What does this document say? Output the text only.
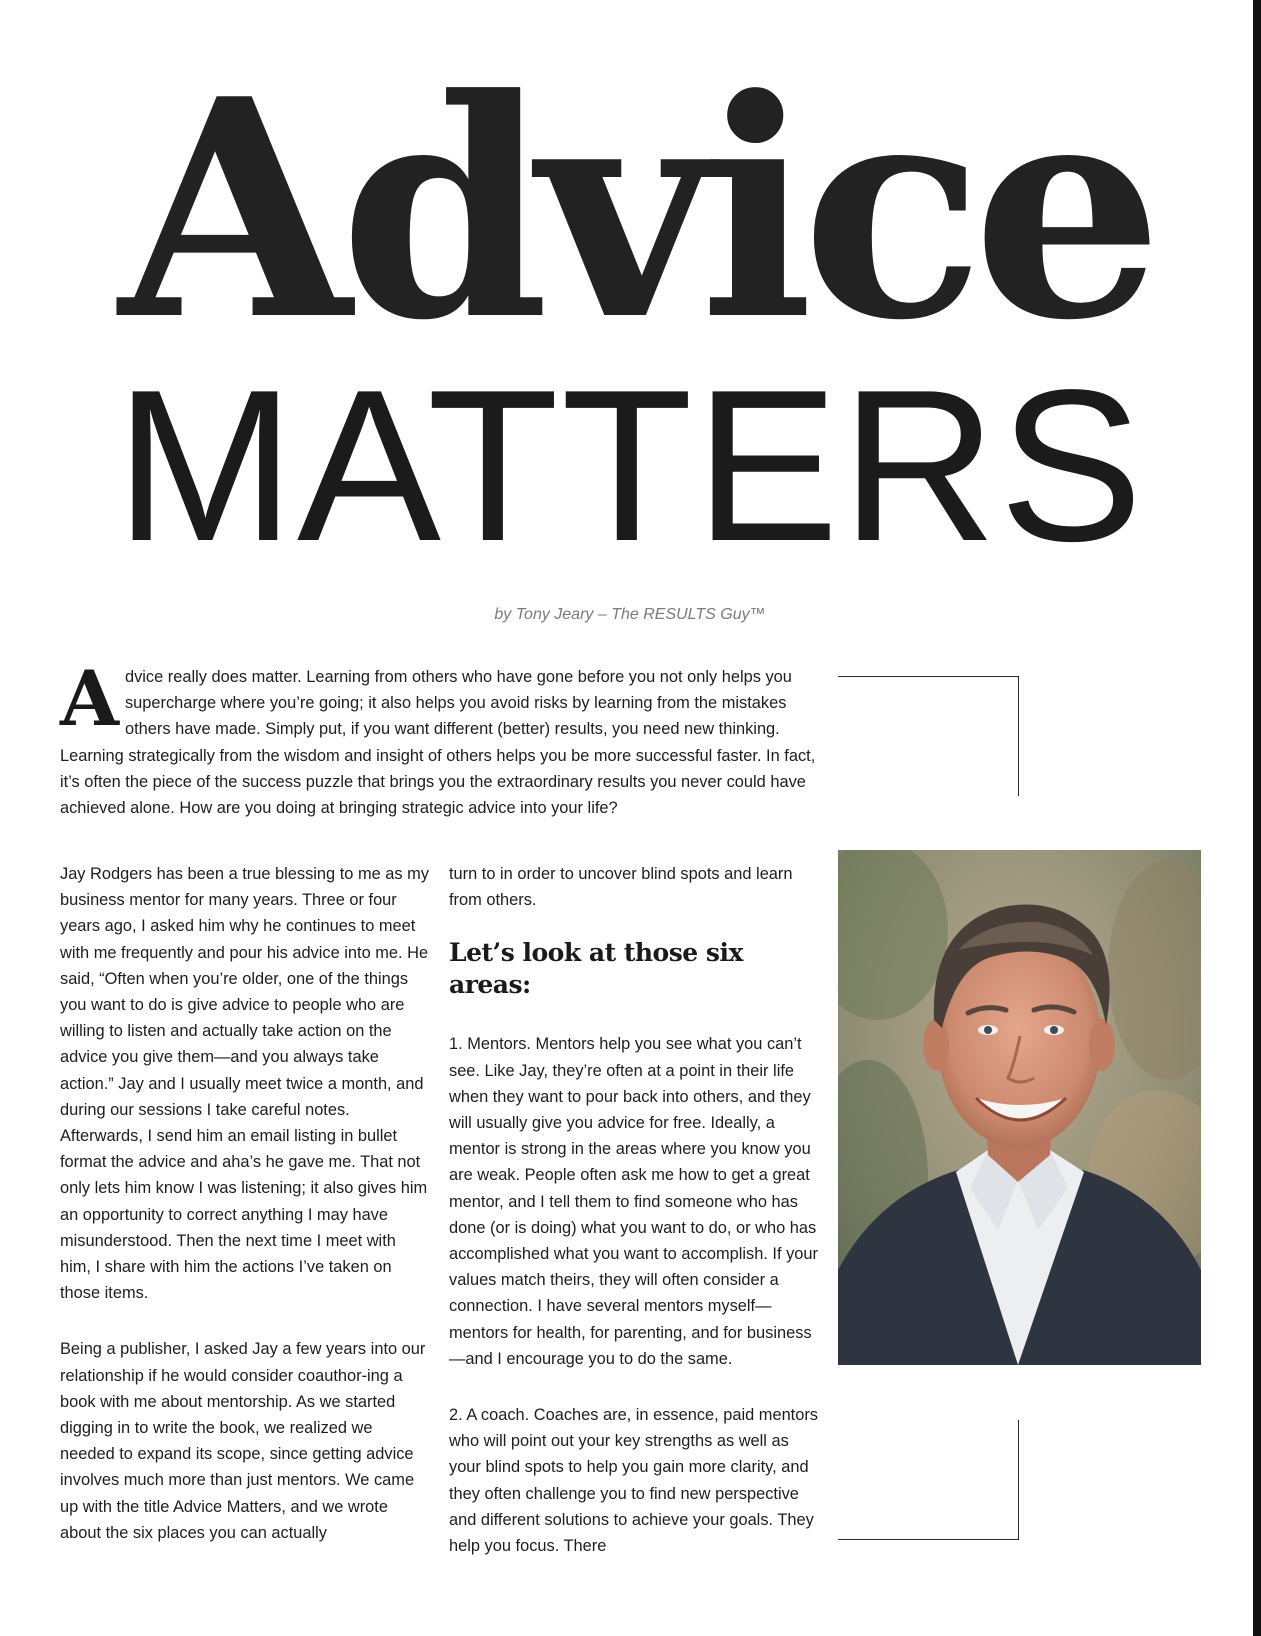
Advice
MATTERS
by Tony Jeary – The RESULTS Guy™
Advice really does matter. Learning from others who have gone before you not only helps you supercharge where you’re going; it also helps you avoid risks by learning from the mistakes others have made. Simply put, if you want different (better) results, you need new thinking. Learning strategically from the wisdom and insight of others helps you be more successful faster. In fact, it’s often the piece of the success puzzle that brings you the extraordinary results you never could have achieved alone. How are you doing at bringing strategic advice into your life?

Jay Rodgers has been a true blessing to me as my business mentor for many years. Three or four years ago, I asked him why he continues to meet with me frequently and pour his advice into me. He said, “Often when you’re older, one of the things you want to do is give advice to people who are willing to listen and actually take action on the advice you give them—and you always take action.” Jay and I usually meet twice a month, and during our sessions I take careful notes. Afterwards, I send him an email listing in bullet format the advice and aha’s he gave me. That not only lets him know I was listening; it also gives him an opportunity to correct anything I may have misunderstood. Then the next time I meet with him, I share with him the actions I’ve taken on those items.

Being a publisher, I asked Jay a few years into our relationship if he would consider coauthor-ing a book with me about mentorship. As we started digging in to write the book, we realized we needed to expand its scope, since getting advice involves much more than just mentors. We came up with the title Advice Matters, and we wrote about the six places you can actually

turn to in order to uncover blind spots and learn from others.

Let’s look at those six areas:

1. Mentors. Mentors help you see what you can’t see. Like Jay, they’re often at a point in their life when they want to pour back into others, and they will usually give you advice for free. Ideally, a mentor is strong in the areas where you know you are weak. People often ask me how to get a great mentor, and I tell them to find someone who has done (or is doing) what you want to do, or who has accomplished what you want to accomplish. If your values match theirs, they will often consider a connection. I have several mentors myself—mentors for health, for parenting, and for business—and I encourage you to do the same.

2. A coach. Coaches are, in essence, paid mentors who will point out your key strengths as well as your blind spots to help you gain more clarity, and they often challenge you to find new perspective and different solutions to achieve your goals. They help you focus. There
